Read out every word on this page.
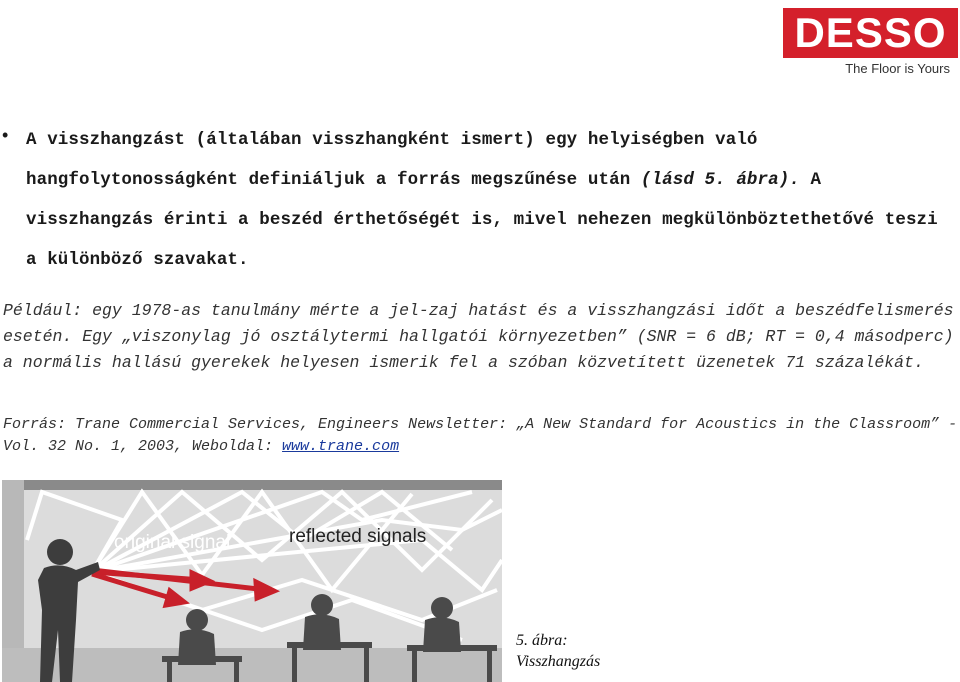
DESSO
The Floor is Yours
• A visszhangzást (általában visszhangként ismert) egy helyiségben való hangfolytonosságként definiáljuk a forrás megszűnése után (lásd 5. ábra). A visszhangzás érinti a beszéd érthetőségét is, mivel nehezen megkülönböztethetővé teszi a különböző szavakat.
Például: egy 1978-as tanulmány mérte a jel-zaj hatást és a visszhangzási időt a beszédfelismerés esetén. Egy „viszonylag jó osztálytermi hallgatói környezetben” (SNR = 6 dB; RT = 0,4 másodperc) a normális hallású gyerekek helyesen ismerik fel a szóban közvetített üzenetek 71 százalékát.
Forrás: Trane Commercial Services, Engineers Newsletter: „A New Standard for Acoustics in the Classroom” - Vol. 32 No. 1, 2003, Weboldal: www.trane.com
original signal	reflected signals
5. ábra:
Visszhangzás
